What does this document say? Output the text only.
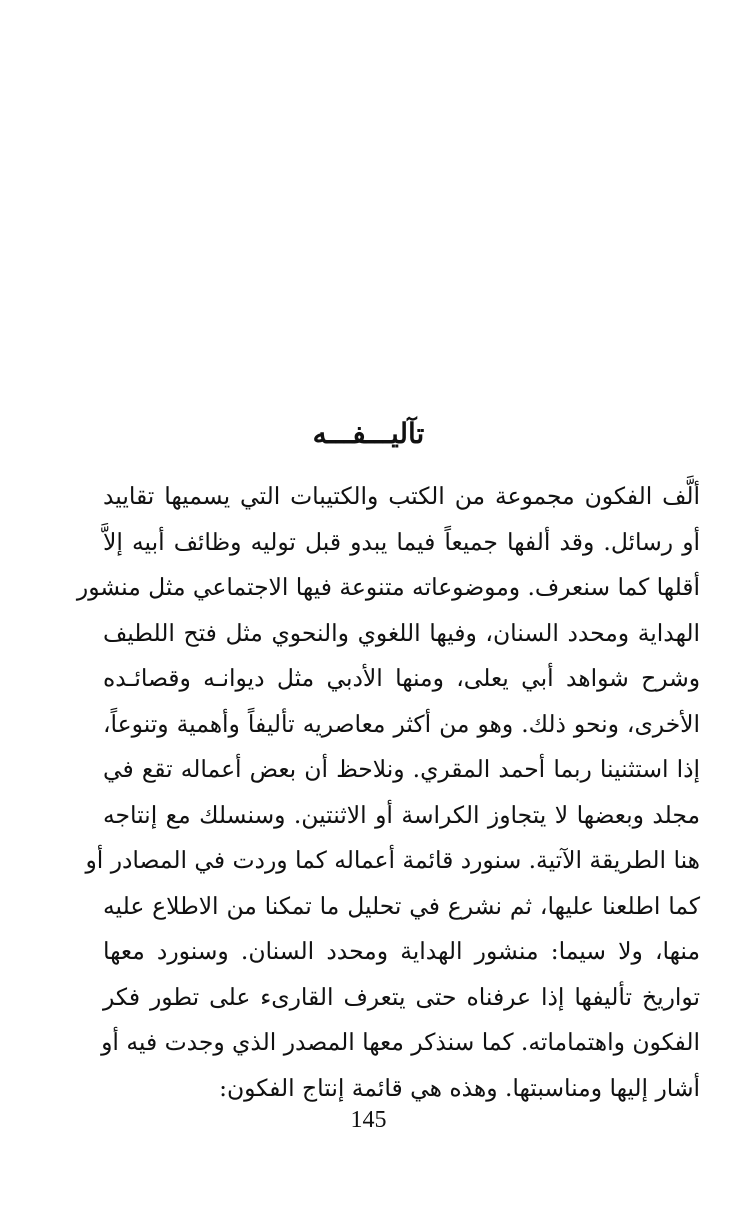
تآليـــفـــه
ألَّف الفكون مجموعة من الكتب والكتيبات التي يسميها تقاييد
أو رسائل. وقد ألفها جميعاً فيما يبدو قبل توليه وظائف أبيه إلاَّ
أقلها كما سنعرف. وموضوعاته متنوعة فيها الاجتماعي مثل منشور
الهداية ومحدد السنان، وفيها اللغوي والنحوي مثل فتح اللطيف
وشرح شواهد أبي يعلى، ومنها الأدبي مثل ديوانـه وقصائـده
الأخرى، ونحو ذلك. وهو من أكثر معاصريه تأليفاً وأهمية وتنوعاً،
إذا استثنينا ربما أحمد المقري. ونلاحظ أن بعض أعماله تقع في
مجلد وبعضها لا يتجاوز الكراسة أو الاثنتين. وسنسلك مع إنتاجه
هنا الطريقة الآتية. سنورد قائمة أعماله كما وردت في المصادر أو
كما اطلعنا عليها، ثم نشرع في تحليل ما تمكنا من الاطلاع عليه
منها، ولا سيما: منشور الهداية ومحدد السنان. وسنورد معها
تواريخ تأليفها إذا عرفناه حتى يتعرف القارىء على تطور فكر
الفكون واهتماماته. كما سنذكر معها المصدر الذي وجدت فيه أو
أشار إليها ومناسبتها. وهذه هي قائمة إنتاج الفكون:
145
